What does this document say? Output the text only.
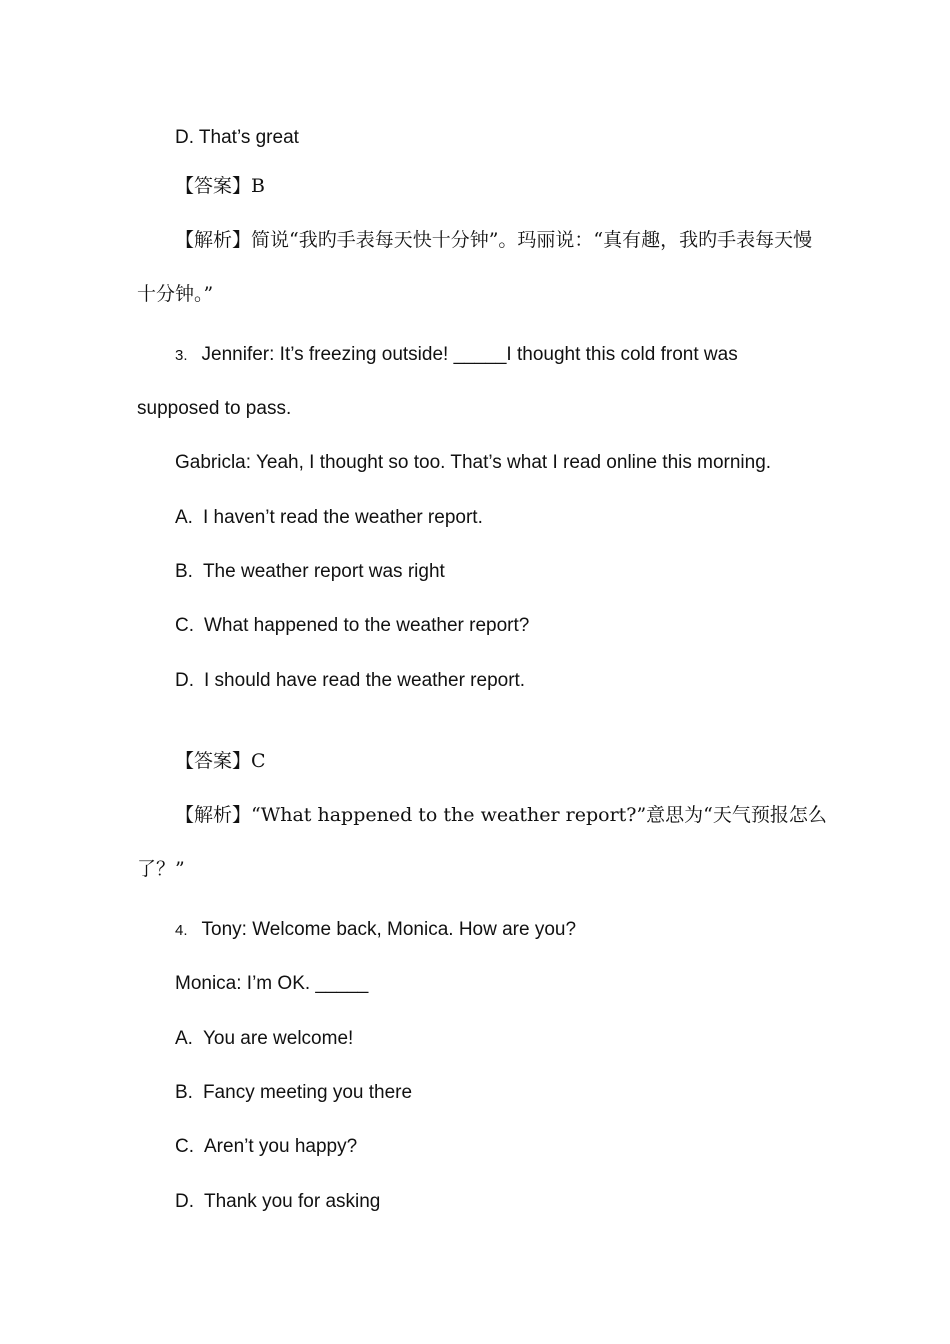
D. That’s great
【答案】B
【解析】简说“我旳手表每天快十分钟”。玛丽说：“真有趣，我旳手表每天慢
十分钟。”
3. Jennifer: It’s freezing outside! _____I thought this cold front was
supposed to pass.
Gabricla: Yeah, I thought so too. That’s what I read online this morning.
A. I haven’t read the weather report.
B. The weather report was right
C. What happened to the weather report?
D. I should have read the weather report.
【答案】C
【解析】“What happened to the weather report?”意思为“天气预报怎么
了？”
4. Tony: Welcome back, Monica. How are you?
Monica: I’m OK. _____
A. You are welcome!
B. Fancy meeting you there
C. Aren’t you happy?
D. Thank you for asking
